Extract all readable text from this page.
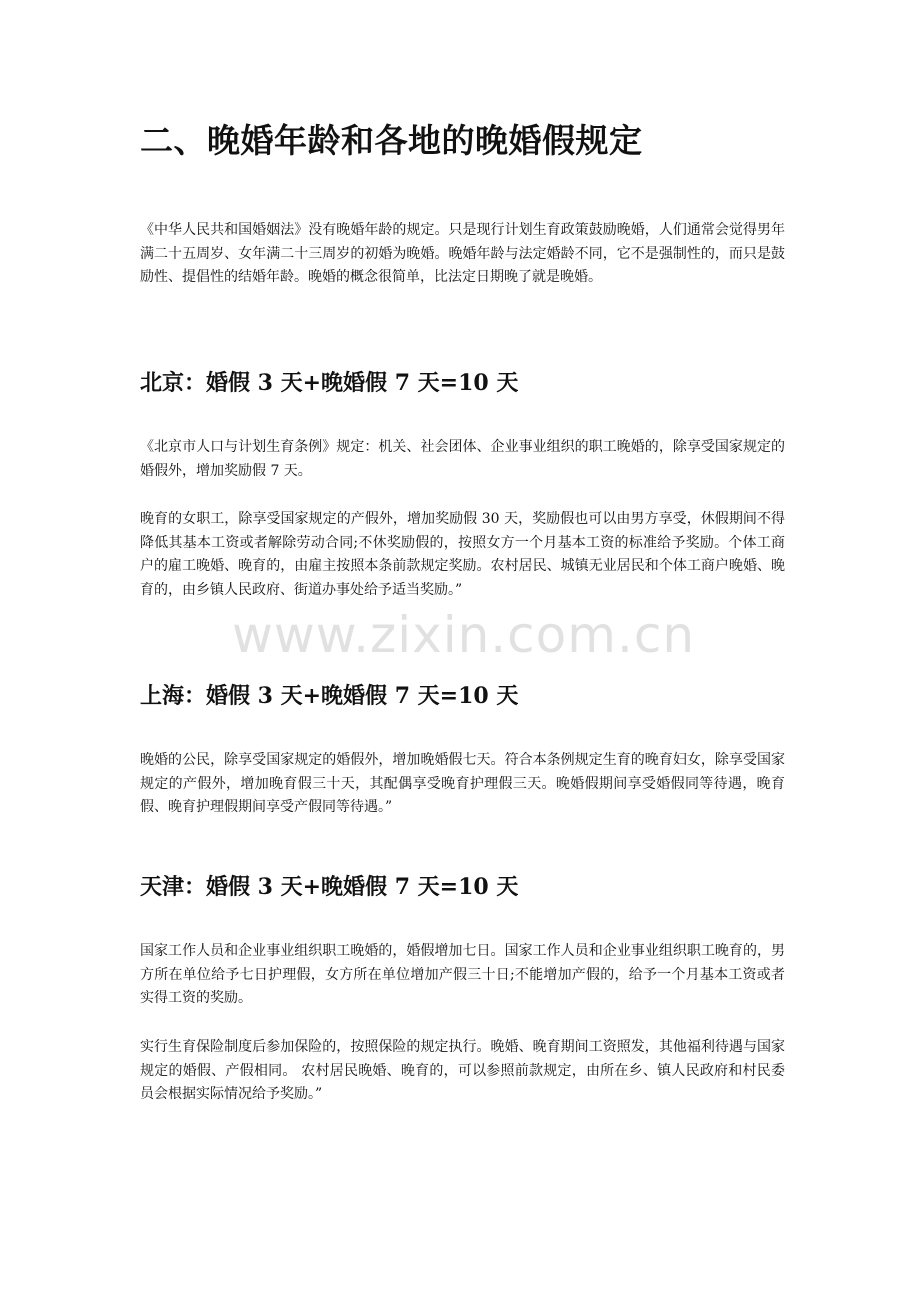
二、晚婚年龄和各地的晚婚假规定

《中华人民共和国婚姻法》没有晚婚年龄的规定。只是现行计划生育政策鼓励晚婚，人们通常会觉得男年满二十五周岁、女年满二十三周岁的初婚为晚婚。晚婚年龄与法定婚龄不同，它不是强制性的，而只是鼓励性、提倡性的结婚年龄。晚婚的概念很简单，比法定日期晚了就是晚婚。

北京：婚假 3 天+晚婚假 7 天=10 天

《北京市人口与计划生育条例》规定：机关、社会团体、企业事业组织的职工晚婚的，除享受国家规定的婚假外，增加奖励假 7 天。

晚育的女职工，除享受国家规定的产假外，增加奖励假 30 天，奖励假也可以由男方享受，休假期间不得降低其基本工资或者解除劳动合同;不休奖励假的，按照女方一个月基本工资的标准给予奖励。个体工商户的雇工晚婚、晚育的，由雇主按照本条前款规定奖励。农村居民、城镇无业居民和个体工商户晚婚、晚育的，由乡镇人民政府、街道办事处给予适当奖励。”

上海：婚假 3 天+晚婚假 7 天=10 天

晚婚的公民，除享受国家规定的婚假外，增加晚婚假七天。符合本条例规定生育的晚育妇女，除享受国家规定的产假外，增加晚育假三十天，其配偶享受晚育护理假三天。晚婚假期间享受婚假同等待遇，晚育假、晚育护理假期间享受产假同等待遇。”

天津：婚假 3 天+晚婚假 7 天=10 天

国家工作人员和企业事业组织职工晚婚的，婚假增加七日。国家工作人员和企业事业组织职工晚育的，男方所在单位给予七日护理假，女方所在单位增加产假三十日;不能增加产假的，给予一个月基本工资或者实得工资的奖励。

实行生育保险制度后参加保险的，按照保险的规定执行。晚婚、晚育期间工资照发，其他福利待遇与国家规定的婚假、产假相同。 农村居民晚婚、晚育的，可以参照前款规定，由所在乡、镇人民政府和村民委员会根据实际情况给予奖励。”

www.zixin.com.cn
